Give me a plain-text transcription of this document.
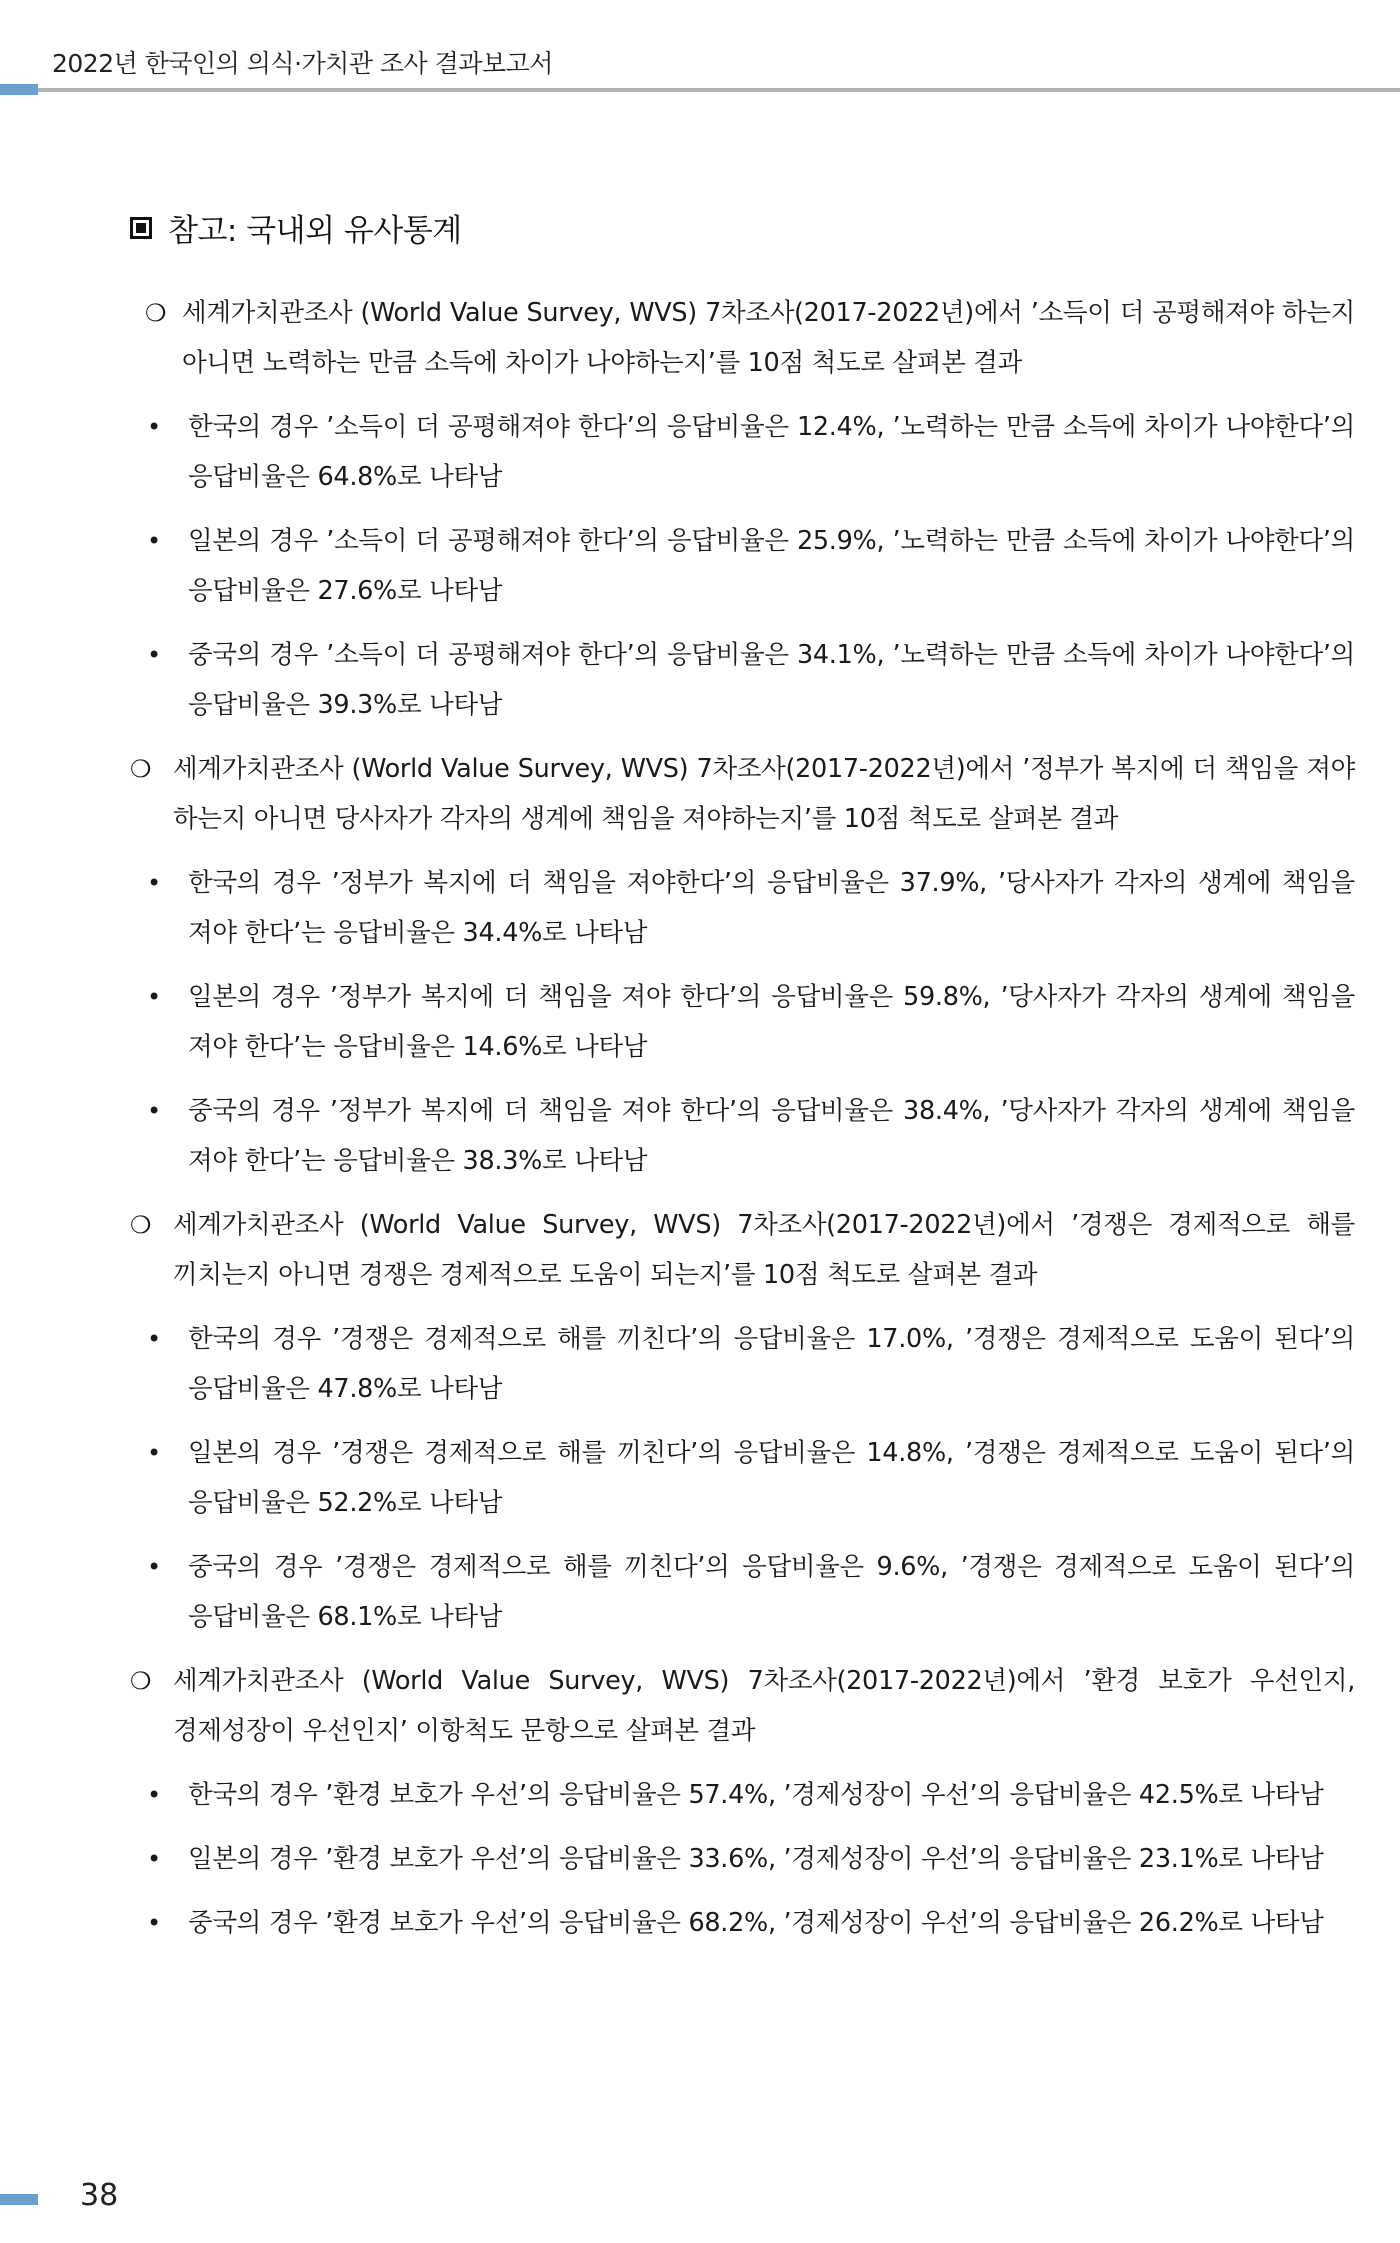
2022년 한국인의 의식·가치관 조사 결과보고서
참고: 국내외 유사통계
❍ 세계가치관조사 (World Value Survey, WVS) 7차조사(2017-2022년)에서 ’소득이 더 공평해져야 하는지 아니면 노력하는 만큼 소득에 차이가 나야하는지’를 10점 척도로 살펴본 결과
• 한국의 경우 ’소득이 더 공평해져야 한다’의 응답비율은 12.4%, ’노력하는 만큼 소득에 차이가 나야한다’의 응답비율은 64.8%로 나타남
• 일본의 경우 ’소득이 더 공평해져야 한다’의 응답비율은 25.9%, ’노력하는 만큼 소득에 차이가 나야한다’의 응답비율은 27.6%로 나타남
• 중국의 경우 ’소득이 더 공평해져야 한다’의 응답비율은 34.1%, ’노력하는 만큼 소득에 차이가 나야한다’의 응답비율은 39.3%로 나타남
❍ 세계가치관조사 (World Value Survey, WVS) 7차조사(2017-2022년)에서 ’정부가 복지에 더 책임을 져야 하는지 아니면 당사자가 각자의 생계에 책임을 져야하는지’를 10점 척도로 살펴본 결과
• 한국의 경우 ’정부가 복지에 더 책임을 져야한다’의 응답비율은 37.9%, ’당사자가 각자의 생계에 책임을 져야 한다’는 응답비율은 34.4%로 나타남
• 일본의 경우 ’정부가 복지에 더 책임을 져야 한다’의 응답비율은 59.8%, ’당사자가 각자의 생계에 책임을 져야 한다’는 응답비율은 14.6%로 나타남
• 중국의 경우 ’정부가 복지에 더 책임을 져야 한다’의 응답비율은 38.4%, ’당사자가 각자의 생계에 책임을 져야 한다’는 응답비율은 38.3%로 나타남
❍ 세계가치관조사 (World Value Survey, WVS) 7차조사(2017-2022년)에서 ’경쟁은 경제적으로 해를 끼치는지 아니면 경쟁은 경제적으로 도움이 되는지’를 10점 척도로 살펴본 결과
• 한국의 경우 ’경쟁은 경제적으로 해를 끼친다’의 응답비율은 17.0%, ’경쟁은 경제적으로 도움이 된다’의 응답비율은 47.8%로 나타남
• 일본의 경우 ’경쟁은 경제적으로 해를 끼친다’의 응답비율은 14.8%, ’경쟁은 경제적으로 도움이 된다’의 응답비율은 52.2%로 나타남
• 중국의 경우 ’경쟁은 경제적으로 해를 끼친다’의 응답비율은 9.6%, ’경쟁은 경제적으로 도움이 된다’의 응답비율은 68.1%로 나타남
❍ 세계가치관조사 (World Value Survey, WVS) 7차조사(2017-2022년)에서 ’환경 보호가 우선인지, 경제성장이 우선인지’ 이항척도 문항으로 살펴본 결과
• 한국의 경우 ’환경 보호가 우선’의 응답비율은 57.4%, ’경제성장이 우선’의 응답비율은 42.5%로 나타남
• 일본의 경우 ’환경 보호가 우선’의 응답비율은 33.6%, ’경제성장이 우선’의 응답비율은 23.1%로 나타남
• 중국의 경우 ’환경 보호가 우선’의 응답비율은 68.2%, ’경제성장이 우선’의 응답비율은 26.2%로 나타남
38
